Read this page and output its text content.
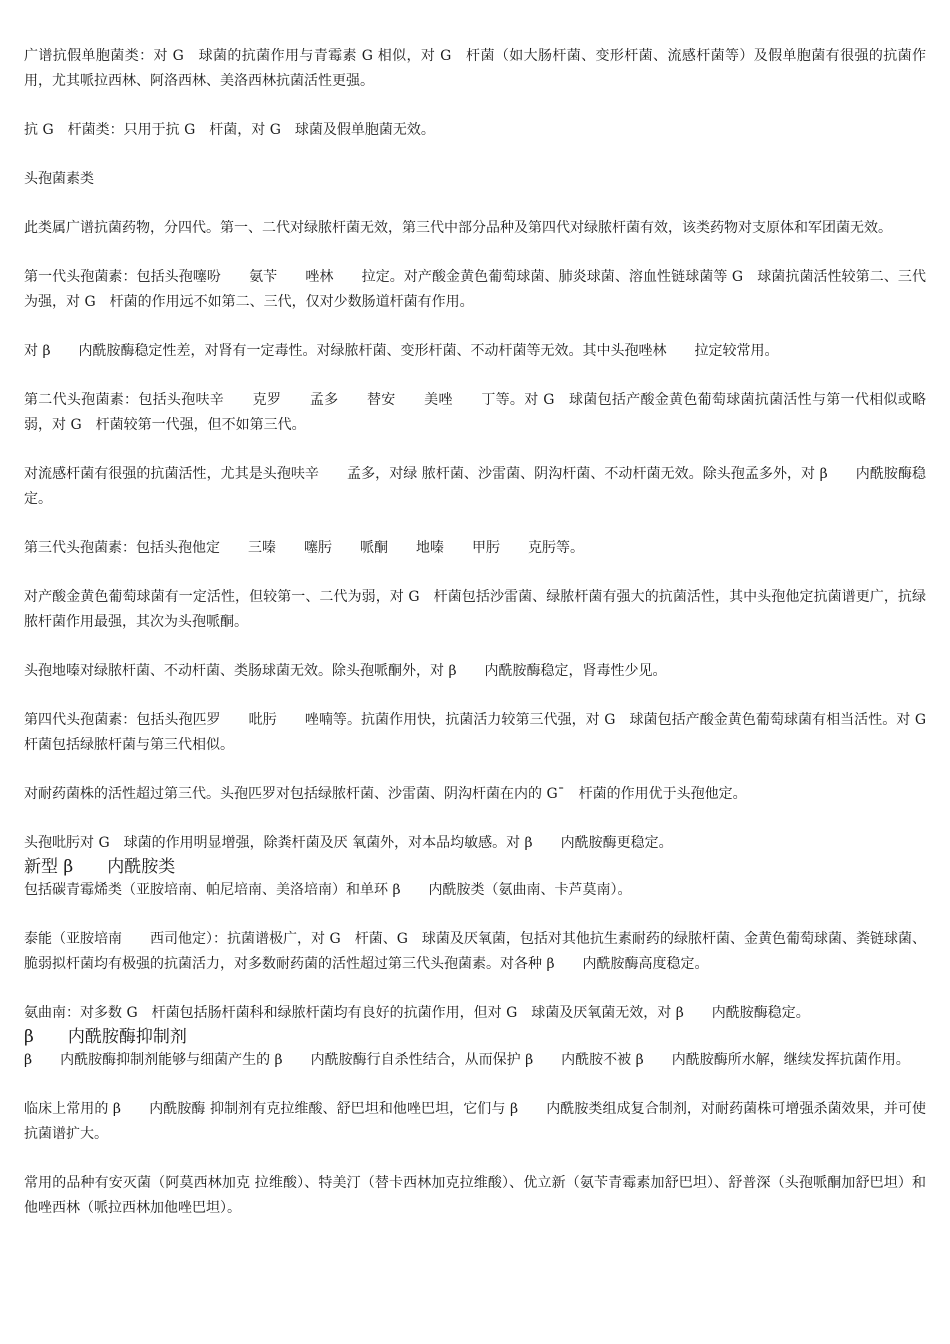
广谱抗假单胞菌类：对 G　球菌的抗菌作用与青霉素 G 相似，对 G　杆菌（如大肠杆菌、变形杆菌、流感杆菌等）及假单胞菌有很强的抗菌作用，尤其哌拉西林、阿洛西林、美洛西林抗菌活性更强。

抗 G　杆菌类：只用于抗 G　杆菌，对 G　球菌及假单胞菌无效。

头孢菌素类

此类属广谱抗菌药物，分四代。第一、二代对绿脓杆菌无效，第三代中部分品种及第四代对绿脓杆菌有效，该类药物对支原体和军团菌无效。

第一代头孢菌素：包括头孢噻吩　　氨苄　　唑林　　拉定。对产酸金黄色葡萄球菌、肺炎球菌、溶血性链球菌等 G　球菌抗菌活性较第二、三代为强，对 G　杆菌的作用远不如第二、三代，仅对少数肠道杆菌有作用。

对 β　　内酰胺酶稳定性差，对肾有一定毒性。对绿脓杆菌、变形杆菌、不动杆菌等无效。其中头孢唑林　　拉定较常用。

第二代头孢菌素：包括头孢呋辛　　克罗　　孟多　　替安　　美唑　　丁等。对 G　球菌包括产酸金黄色葡萄球菌抗菌活性与第一代相似或略弱，对 G　杆菌较第一代强，但不如第三代。

对流感杆菌有很强的抗菌活性，尤其是头孢呋辛　　孟多，对绿 脓杆菌、沙雷菌、阴沟杆菌、不动杆菌无效。除头孢孟多外，对 β　　内酰胺酶稳定。

第三代头孢菌素：包括头孢他定　　三嗪　　噻肟　　哌酮　　地嗪　　甲肟　　克肟等。

对产酸金黄色葡萄球菌有一定活性，但较第一、二代为弱，对 G　杆菌包括沙雷菌、绿脓杆菌有强大的抗菌活性，其中头孢他定抗菌谱更广，抗绿脓杆菌作用最强，其次为头孢哌酮。

头孢地嗪对绿脓杆菌、不动杆菌、类肠球菌无效。除头孢哌酮外，对 β　　内酰胺酶稳定，肾毒性少见。

第四代头孢菌素：包括头孢匹罗　　吡肟　　唑喃等。抗菌作用快，抗菌活力较第三代强，对 G　球菌包括产酸金黄色葡萄球菌有相当活性。对 G　杆菌包括绿脓杆菌与第三代相似。

对耐药菌株的活性超过第三代。头孢匹罗对包括绿脓杆菌、沙雷菌、阴沟杆菌在内的 G¯　杆菌的作用优于头孢他定。

头孢吡肟对 G　球菌的作用明显增强，除粪杆菌及厌 氧菌外，对本品均敏感。对 β　　内酰胺酶更稳定。

新型 β　　内酰胺类

包括碳青霉烯类（亚胺培南、帕尼培南、美洛培南）和单环 β　　内酰胺类（氨曲南、卡芦莫南）。

泰能（亚胺培南　　西司他定）：抗菌谱极广，对 G　杆菌、G　球菌及厌氧菌，包括对其他抗生素耐药的绿脓杆菌、金黄色葡萄球菌、粪链球菌、脆弱拟杆菌均有极强的抗菌活力，对多数耐药菌的活性超过第三代头孢菌素。对各种 β　　内酰胺酶高度稳定。

氨曲南：对多数 G　杆菌包括肠杆菌科和绿脓杆菌均有良好的抗菌作用，但对 G　球菌及厌氧菌无效，对 β　　内酰胺酶稳定。

β　　内酰胺酶抑制剂

β　　内酰胺酶抑制剂能够与细菌产生的 β　　内酰胺酶行自杀性结合，从而保护 β　　内酰胺不被 β　　内酰胺酶所水解，继续发挥抗菌作用。

临床上常用的 β　　内酰胺酶 抑制剂有克拉维酸、舒巴坦和他唑巴坦，它们与 β　　内酰胺类组成复合制剂，对耐药菌株可增强杀菌效果，并可使抗菌谱扩大。

常用的品种有安灭菌（阿莫西林加克 拉维酸）、特美汀（替卡西林加克拉维酸）、优立新（氨苄青霉素加舒巴坦）、舒普深（头孢哌酮加舒巴坦）和他唑西林（哌拉西林加他唑巴坦）。
